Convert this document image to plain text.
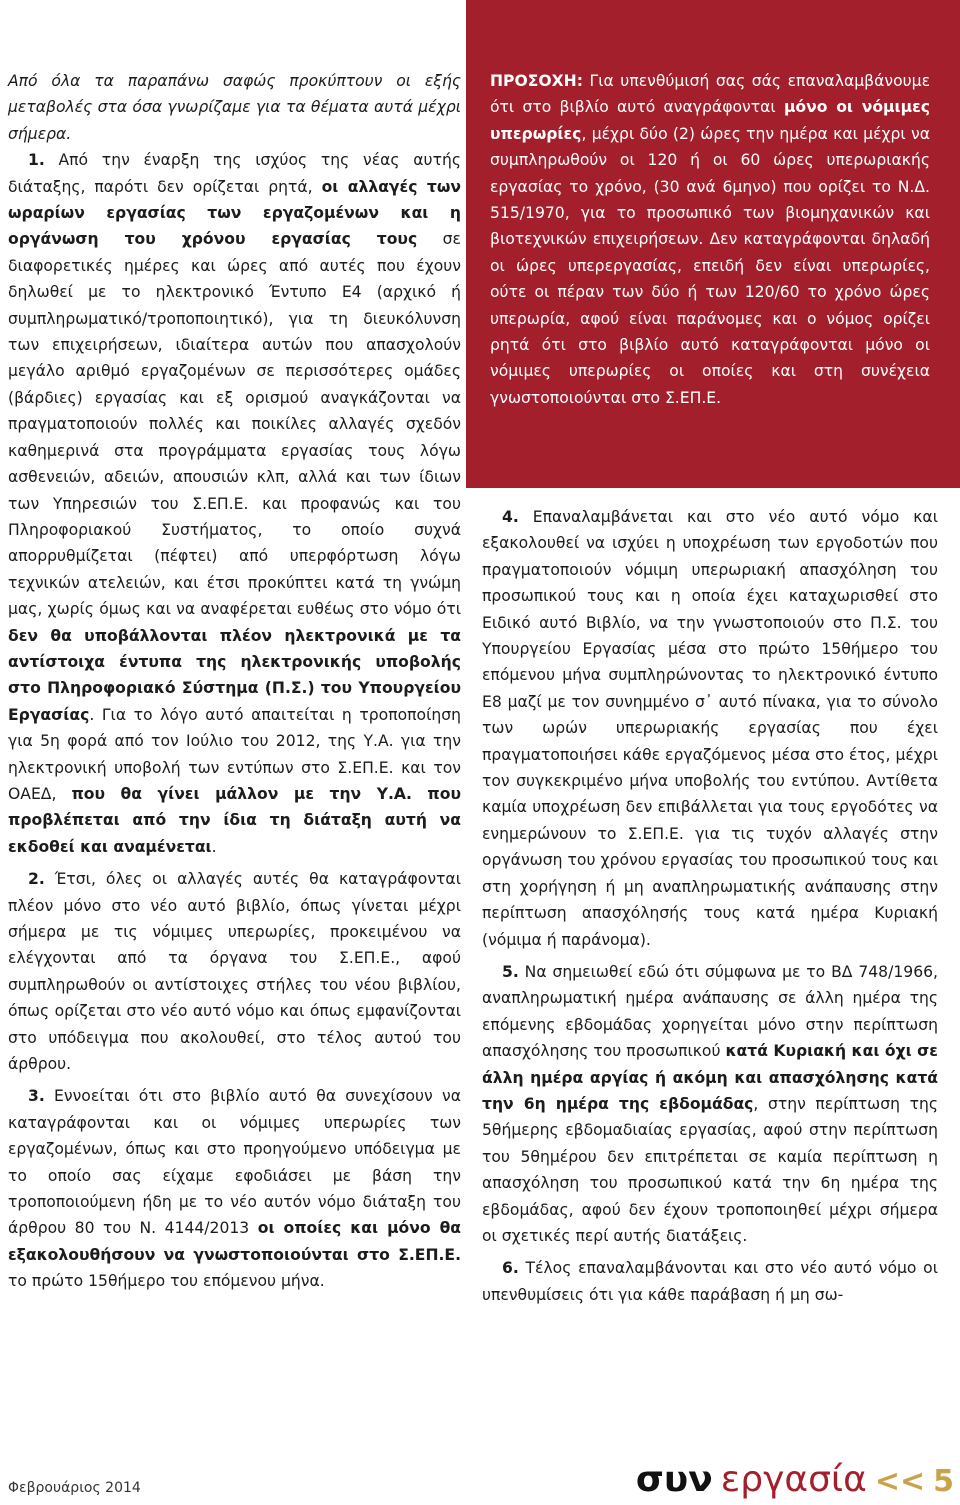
Από όλα τα παραπάνω σαφώς προκύπτουν οι εξής μεταβολές στα όσα γνωρίζαμε για τα θέματα αυτά μέχρι σήμερα.

1. Από την έναρξη της ισχύος της νέας αυτής διάταξης, παρότι δεν ορίζεται ρητά, οι αλλαγές των ωραρίων εργασίας των εργαζομένων και η οργάνωση του χρόνου εργασίας τους σε διαφορετικές ημέρες και ώρες από αυτές που έχουν δηλωθεί με το ηλεκτρονικό Έντυπο Ε4 (αρχικό ή συμπληρωματικό/τροποποιητικό), για τη διευκόλυνση των επιχειρήσεων, ιδιαίτερα αυτών που απασχολούν μεγάλο αριθμό εργαζομένων σε περισσότερες ομάδες (βάρδιες) εργασίας και εξ ορισμού αναγκάζονται να πραγματοποιούν πολλές και ποικίλες αλλαγές σχεδόν καθημερινά στα προγράμματα εργασίας τους λόγω ασθενειών, αδειών, απουσιών κλπ, αλλά και των ίδιων των Υπηρεσιών του Σ.ΕΠ.Ε. και προφανώς και του Πληροφοριακού Συστήματος, το οποίο συχνά απορρυθμίζεται (πέφτει) από υπερφόρτωση λόγω τεχνικών ατελειών, και έτσι προκύπτει κατά τη γνώμη μας, χωρίς όμως και να αναφέρεται ευθέως στο νόμο ότι δεν θα υποβάλλονται πλέον ηλεκτρονικά με τα αντίστοιχα έντυπα της ηλεκτρονικής υποβολής στο Πληροφοριακό Σύστημα (Π.Σ.) του Υπουργείου Εργασίας. Για το λόγο αυτό απαιτείται η τροποποίηση για 5η φορά από τον Ιούλιο του 2012, της Υ.Α. για την ηλεκτρονική υποβολή των εντύπων στο Σ.ΕΠ.Ε. και τον ΟΑΕΔ, που θα γίνει μάλλον με την Υ.Α. που προβλέπεται από την ίδια τη διάταξη αυτή να εκδοθεί και αναμένεται.

2. Έτσι, όλες οι αλλαγές αυτές θα καταγράφονται πλέον μόνο στο νέο αυτό βιβλίο, όπως γίνεται μέχρι σήμερα με τις νόμιμες υπερωρίες, προκειμένου να ελέγχονται από τα όργανα του Σ.ΕΠ.Ε., αφού συμπληρωθούν οι αντίστοιχες στήλες του νέου βιβλίου, όπως ορίζεται στο νέο αυτό νόμο και όπως εμφανίζονται στο υπόδειγμα που ακολουθεί, στο τέλος αυτού του άρθρου.

3. Εννοείται ότι στο βιβλίο αυτό θα συνεχίσουν να καταγράφονται και οι νόμιμες υπερωρίες των εργαζομένων, όπως και στο προηγούμενο υπόδειγμα με το οποίο σας είχαμε εφοδιάσει με βάση την τροποποιούμενη ήδη με το νέο αυτόν νόμο διάταξη του άρθρου 80 του Ν. 4144/2013 οι οποίες και μόνο θα εξακολουθήσουν να γνωστοποιούνται στο Σ.ΕΠ.Ε. το πρώτο 15θήμερο του επόμενου μήνα.

ΠΡΟΣΟΧΗ: Για υπενθύμισή σας σάς επαναλαμβάνουμε ότι στο βιβλίο αυτό αναγράφονται μόνο οι νόμιμες υπερωρίες, μέχρι δύο (2) ώρες την ημέρα και μέχρι να συμπληρωθούν οι 120 ή οι 60 ώρες υπερωριακής εργασίας το χρόνο, (30 ανά 6μηνο) που ορίζει το Ν.Δ. 515/1970, για το προσωπικό των βιομηχανικών και βιοτεχνικών επιχειρήσεων. Δεν καταγράφονται δηλαδή οι ώρες υπερεργασίας, επειδή δεν είναι υπερωρίες, ούτε οι πέραν των δύο ή των 120/60 το χρόνο ώρες υπερωρία, αφού είναι παράνομες και ο νόμος ορίζει ρητά ότι στο βιβλίο αυτό καταγράφονται μόνο οι νόμιμες υπερωρίες οι οποίες και στη συνέχεια γνωστοποιούνται στο Σ.ΕΠ.Ε.

4. Επαναλαμβάνεται και στο νέο αυτό νόμο και εξακολουθεί να ισχύει η υποχρέωση των εργοδοτών που πραγματοποιούν νόμιμη υπερωριακή απασχόληση του προσωπικού τους και η οποία έχει καταχωρισθεί στο Ειδικό αυτό Βιβλίο, να την γνωστοποιούν στο Π.Σ. του Υπουργείου Εργασίας μέσα στο πρώτο 15θήμερο του επόμενου μήνα συμπληρώνοντας το ηλεκτρονικό έντυπο Ε8 μαζί με τον συνημμένο σ᾽ αυτό πίνακα, για το σύνολο των ωρών υπερωριακής εργασίας που έχει πραγματοποιήσει κάθε εργαζόμενος μέσα στο έτος, μέχρι τον συγκεκριμένο μήνα υποβολής του εντύπου. Αντίθετα καμία υποχρέωση δεν επιβάλλεται για τους εργοδότες να ενημερώνουν το Σ.ΕΠ.Ε. για τις τυχόν αλλαγές στην οργάνωση του χρόνου εργασίας του προσωπικού τους και στη χορήγηση ή μη αναπληρωματικής ανάπαυσης στην περίπτωση απασχόλησής τους κατά ημέρα Κυριακή (νόμιμα ή παράνομα).

5. Να σημειωθεί εδώ ότι σύμφωνα με το ΒΔ 748/1966, αναπληρωματική ημέρα ανάπαυσης σε άλλη ημέρα της επόμενης εβδομάδας χορηγείται μόνο στην περίπτωση απασχόλησης του προσωπικού κατά Κυριακή και όχι σε άλλη ημέρα αργίας ή ακόμη και απασχόλησης κατά την 6η ημέρα της εβδομάδας, στην περίπτωση της 5θήμερης εβδομαδιαίας εργασίας, αφού στην περίπτωση του 5θημέρου δεν επιτρέπεται σε καμία περίπτωση η απασχόληση του προσωπικού κατά την 6η ημέρα της εβδομάδας, αφού δεν έχουν τροποποιηθεί μέχρι σήμερα οι σχετικές περί αυτής διατάξεις.

6. Τέλος επαναλαμβάνονται και στο νέο αυτό νόμο οι υπενθυμίσεις ότι για κάθε παράβαση ή μη σω-

Φεβρουάριος 2014	συν εργασία << 5
